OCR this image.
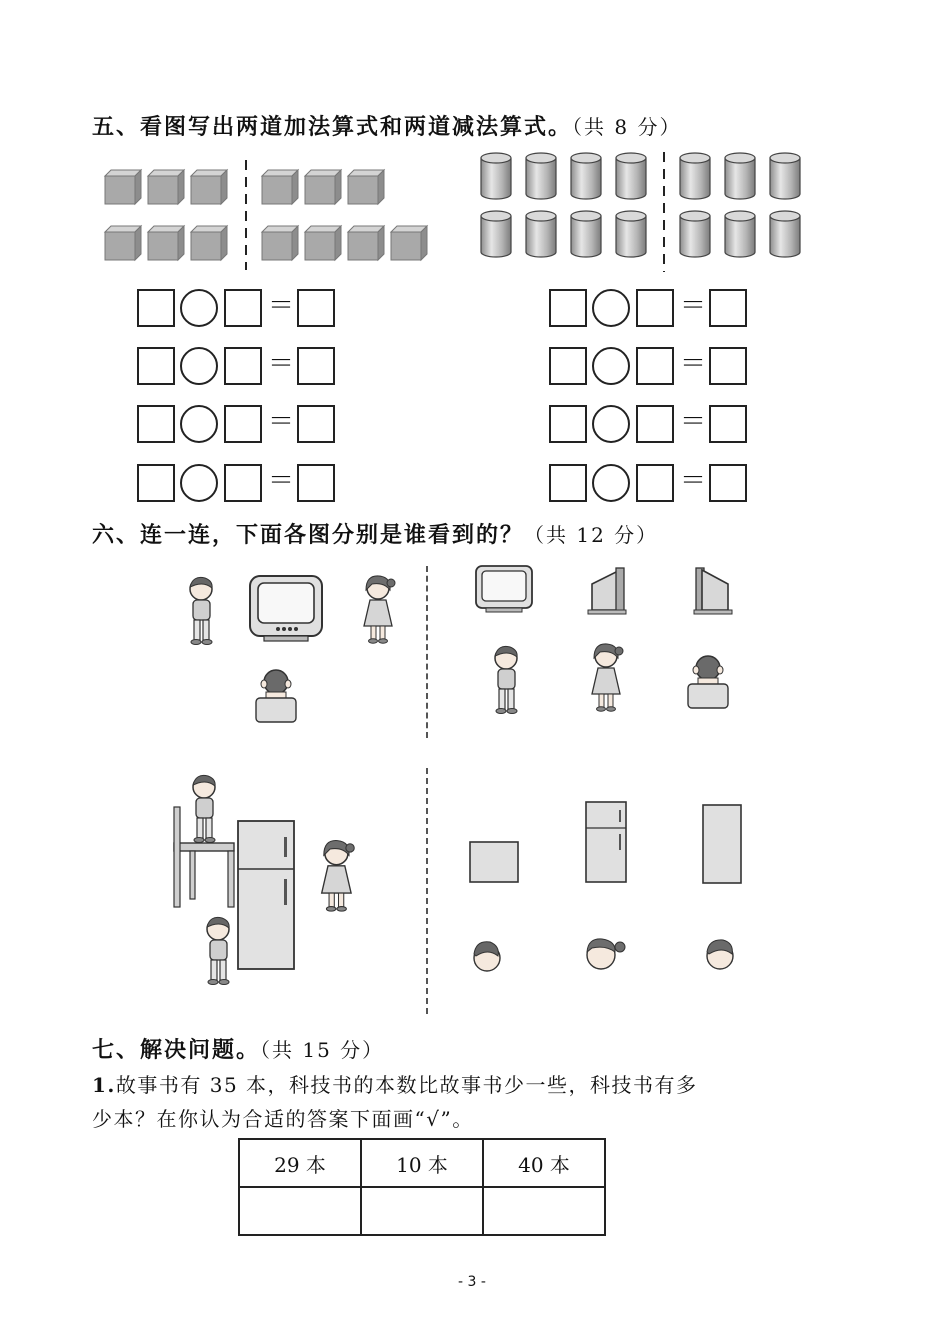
五、看图写出两道加法算式和两道减法算式。（共 8 分）
＝
＝
＝
＝
＝
＝
＝
＝
六、连一连，下面各图分别是谁看到的？（共 12 分）
七、解决问题。（共 15 分）
1.故事书有 35 本，科技书的本数比故事书少一些，科技书有多
少本？在你认为合适的答案下面画“√”。
29 本	10 本	40 本

- 3 -
